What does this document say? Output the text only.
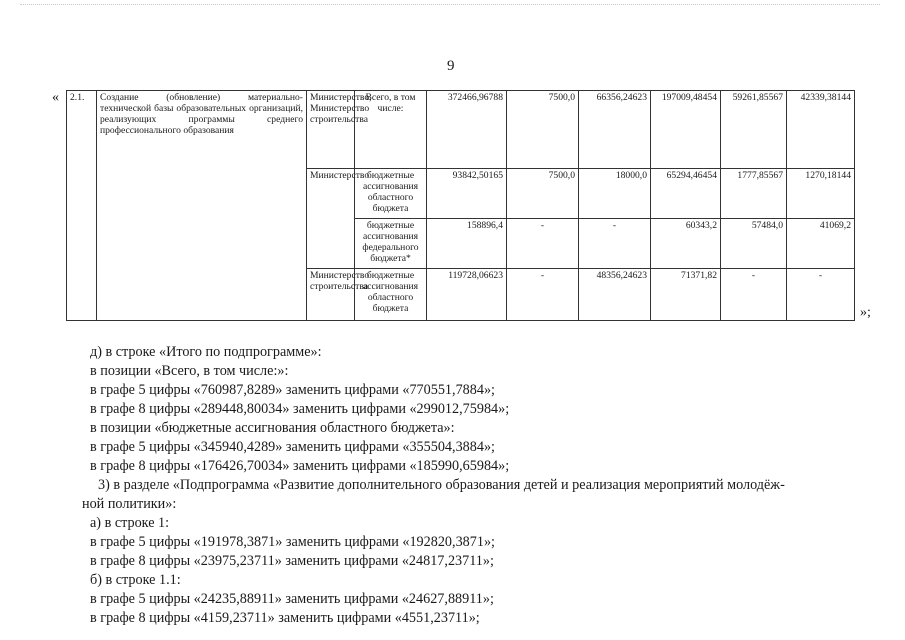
9
«
»;
2.1.	Создание (обновление) материально-технической базы образовательных организаций, реализующих программы среднего профессионального образования	Министерство, Министерство строительства	Всего, в том числе:	372466,96788	7500,0	66356,24623	197009,48454	59261,85567	42339,38144
		Министерство	бюджетные ассигнования областного бюджета	93842,50165	7500,0	18000,0	65294,46454	1777,85567	1270,18144
			бюджетные ассигнования федерального бюджета*	158896,4	-	-	60343,2	57484,0	41069,2
		Министерство строительства	бюджетные ассигнования областного бюджета	119728,06623	-	48356,24623	71371,82	-	-

д) в строке «Итого по подпрограмме»:

в позиции «Всего, в том числе:»:

в графе 5 цифры «760987,8289» заменить цифрами «770551,7884»;

в графе 8 цифры «289448,80034» заменить цифрами «299012,75984»;

в позиции «бюджетные ассигнования областного бюджета»:

в графе 5 цифры «345940,4289» заменить цифрами «355504,3884»;

в графе 8 цифры «176426,70034» заменить цифрами «185990,65984»;

3) в разделе «Подпрограмма «Развитие дополнительного образования детей и реализация мероприятий молодёж-

ной политики»:

а) в строке 1:

в графе 5 цифры «191978,3871» заменить цифрами «192820,3871»;

в графе 8 цифры «23975,23711» заменить цифрами «24817,23711»;

б) в строке 1.1:

в графе 5 цифры «24235,88911» заменить цифрами «24627,88911»;

в графе 8 цифры «4159,23711» заменить цифрами «4551,23711»;
